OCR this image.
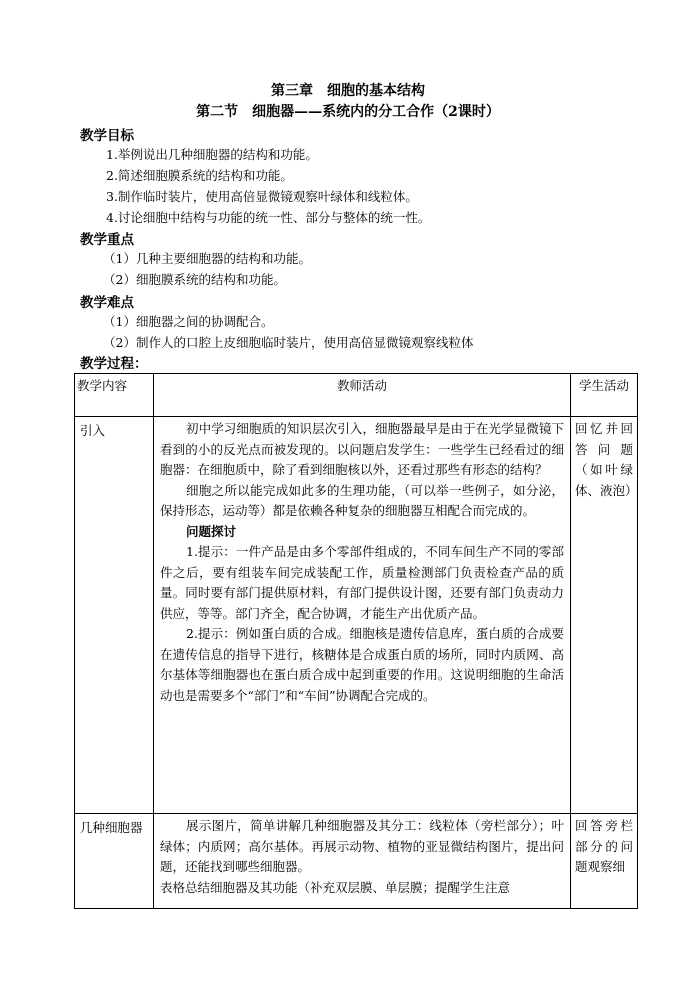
第三章　细胞的基本结构
第二节　细胞器——系统内的分工合作（2课时）
教学目标
1.举例说出几种细胞器的结构和功能。
2.简述细胞膜系统的结构和功能。
3.制作临时装片，使用高倍显微镜观察叶绿体和线粒体。
4.讨论细胞中结构与功能的统一性、部分与整体的统一性。
教学重点
（1）几种主要细胞器的结构和功能。
（2）细胞膜系统的结构和功能。
教学难点
（1）细胞器之间的协调配合。
（2）制作人的口腔上皮细胞临时装片，使用高倍显微镜观察线粒体
教学过程：
教学内容	教师活动	学生活动
引入	初中学习细胞质的知识层次引入，细胞器最早是由于在光学显微镜下看到的小的反光点而被发现的。以问题启发学生：一些学生已经看过的细胞器：在细胞质中，除了看到细胞核以外，还看过那些有形态的结构？

细胞之所以能完成如此多的生理功能，（可以举一些例子，如分泌，保持形态，运动等）都是依赖各种复杂的细胞器互相配合而完成的。

问题探讨

1.提示：一件产品是由多个零部件组成的，不同车间生产不同的零部件之后，要有组装车间完成装配工作，质量检测部门负责检查产品的质量。同时要有部门提供原材料，有部门提供设计图，还要有部门负责动力供应，等等。部门齐全，配合协调，才能生产出优质产品。

2.提示：例如蛋白质的合成。细胞核是遗传信息库，蛋白质的合成要在遗传信息的指导下进行，核糖体是合成蛋白质的场所，同时内质网、高尔基体等细胞器也在蛋白质合成中起到重要的作用。这说明细胞的生命活动也是需要多个“部门”和“车间”协调配合完成的。	回忆并回答问题（如叶绿体、液泡）
几种细胞器	展示图片，简单讲解几种细胞器及其分工：线粒体（旁栏部分）；叶绿体；内质网；高尔基体。再展示动物、植物的亚显微结构图片，提出问题，还能找到哪些细胞器。

表格总结细胞器及其功能（补充双层膜、单层膜；提醒学生注意	回答旁栏部分的问题观察细
